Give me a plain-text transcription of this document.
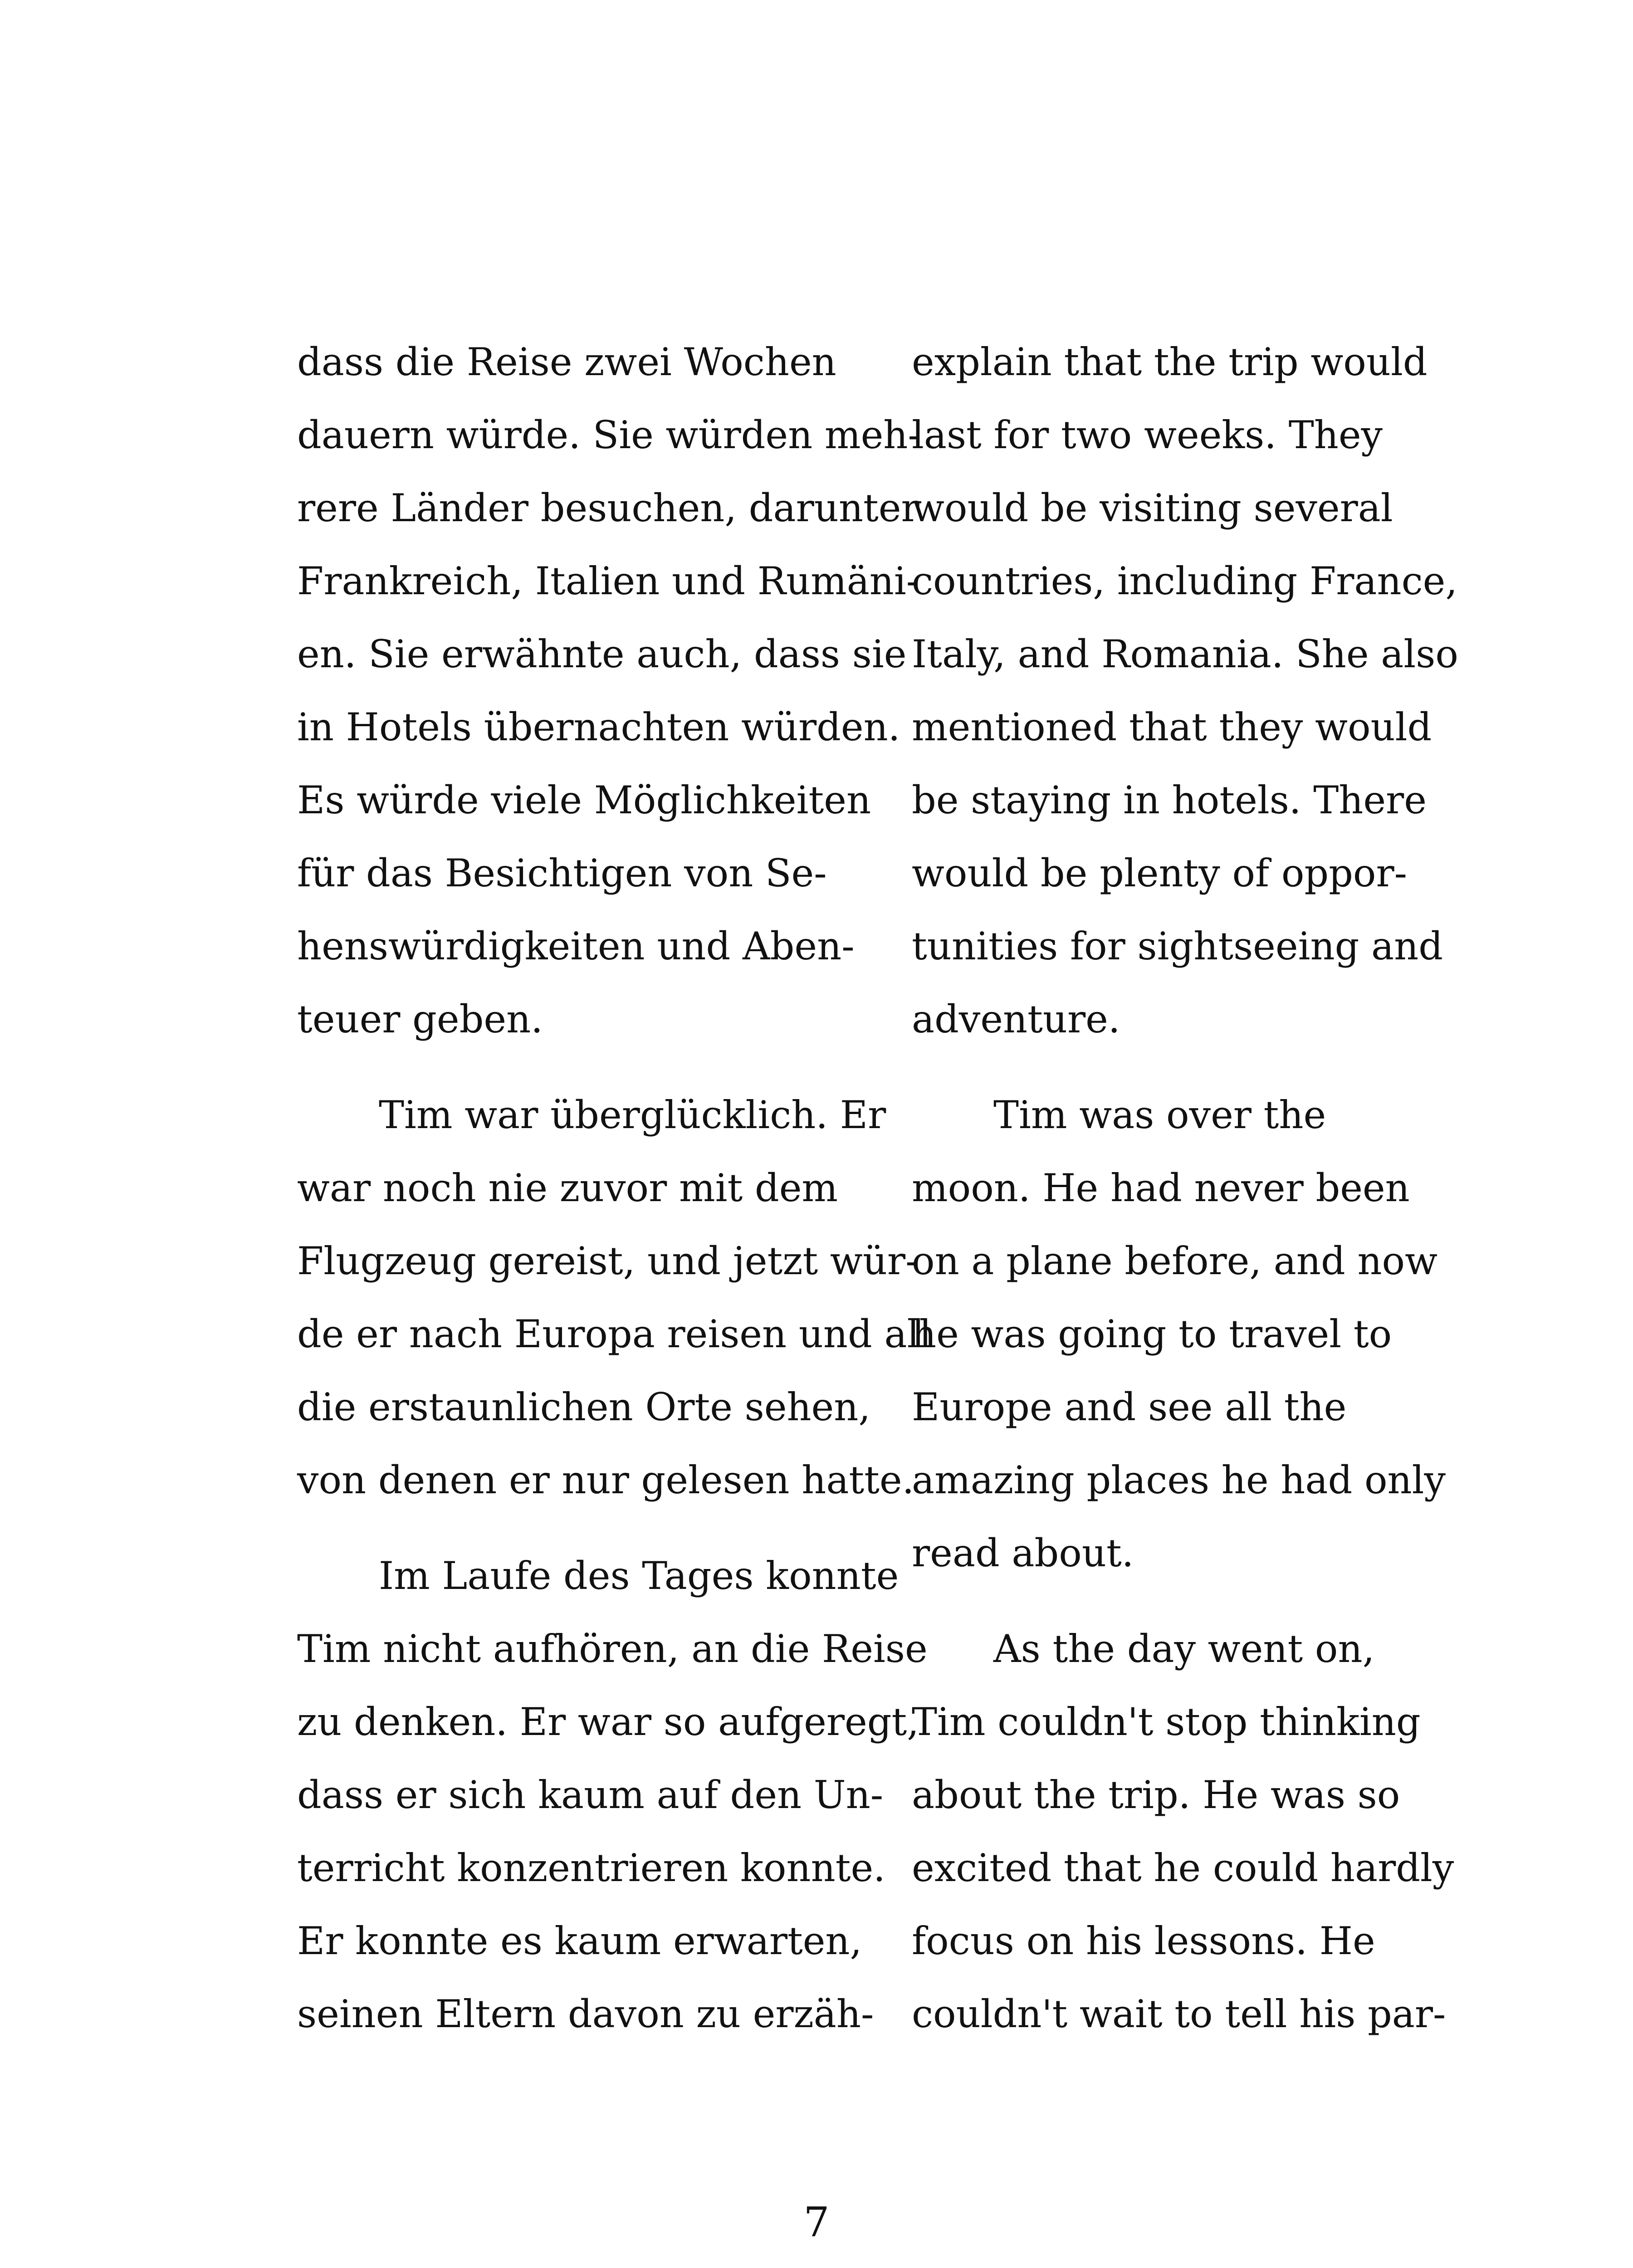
dass die Reise zwei Wochen
dauern würde. Sie würden meh-
rere Länder besuchen, darunter
Frankreich, Italien und Rumäni-
en. Sie erwähnte auch, dass sie
in Hotels übernachten würden.
Es würde viele Möglichkeiten
für das Besichtigen von Se-
henswürdigkeiten und Aben-
teuer geben.

Tim war überglücklich. Er
war noch nie zuvor mit dem
Flugzeug gereist, und jetzt wür-
de er nach Europa reisen und all
die erstaunlichen Orte sehen,
von denen er nur gelesen hatte.

Im Laufe des Tages konnte
Tim nicht aufhören, an die Reise
zu denken. Er war so aufgeregt,
dass er sich kaum auf den Un-
terricht konzentrieren konnte.
Er konnte es kaum erwarten,
seinen Eltern davon zu erzäh-

explain that the trip would
last for two weeks. They
would be visiting several
countries, including France,
Italy, and Romania. She also
mentioned that they would
be staying in hotels. There
would be plenty of oppor-
tunities for sightseeing and
adventure.

Tim was over the
moon. He had never been
on a plane before, and now
he was going to travel to
Europe and see all the
amazing places he had only
read about.

As the day went on,
Tim couldn't stop thinking
about the trip. He was so
excited that he could hardly
focus on his lessons. He
couldn't wait to tell his par-

7
